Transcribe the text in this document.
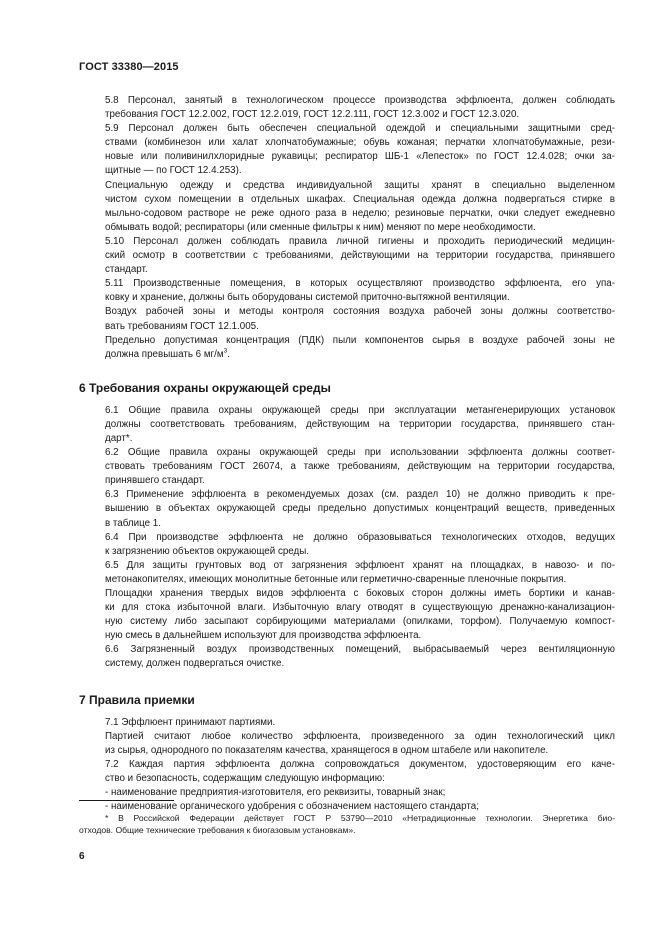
ГОСТ 33380—2015

5.8 Персонал, занятый в технологическом процессе производства эффлюента, должен соблюдать
требования ГОСТ 12.2.002, ГОСТ 12.2.019, ГОСТ 12.2.111, ГОСТ 12.3.002 и ГОСТ 12.3.020.

5.9 Персонал должен быть обеспечен специальной одеждой и специальными защитными сред-
ствами (комбинезон или халат хлопчатобумажные; обувь кожаная; перчатки хлопчатобумажные, рези-
новые или поливинилхлоридные рукавицы; респиратор ШБ-1 «Лепесток» по ГОСТ 12.4.028; очки за-
щитные — по ГОСТ 12.4.253).

Специальную одежду и средства индивидуальной защиты хранят в специально выделенном
чистом сухом помещении в отдельных шкафах. Специальная одежда должна подвергаться стирке в
мыльно-содовом растворе не реже одного раза в неделю; резиновые перчатки, очки следует ежедневно
обмывать водой; респираторы (или сменные фильтры к ним) меняют по мере необходимости.

5.10 Персонал должен соблюдать правила личной гигиены и проходить периодический медицин-
ский осмотр в соответствии с требованиями, действующими на территории государства, принявшего
стандарт.

5.11 Производственные помещения, в которых осуществляют производство эффлюента, его упа-
ковку и хранение, должны быть оборудованы системой приточно-вытяжной вентиляции.

Воздух рабочей зоны и методы контроля состояния воздуха рабочей зоны должны соответство-
вать требованиям ГОСТ 12.1.005.

Предельно допустимая концентрация (ПДК) пыли компонентов сырья в воздухе рабочей зоны не
должна превышать 6 $мг/м^3$.

6 Требования охраны окружающей среды

6.1 Общие правила охраны окружающей среды при эксплуатации метангенерирующих установок
должны соответствовать требованиям, действующим на территории государства, принявшего стан-
дарт*.

6.2 Общие правила охраны окружающей среды при использовании эффлюента должны соответ-
ствовать требованиям ГОСТ 26074, а также требованиям, действующим на территории государства,
принявшего стандарт.

6.3 Применение эффлюента в рекомендуемых дозах (см. раздел 10) не должно приводить к пре-
вышению в объектах окружающей среды предельно допустимых концентраций веществ, приведенных
в таблице 1.

6.4 При производстве эффлюента не должно образовываться технологических отходов, ведущих
к загрязнению объектов окружающей среды.

6.5 Для защиты грунтовых вод от загрязнения эффлюент хранят на площадках, в навозо- и по-
метонакопителях, имеющих монолитные бетонные или герметично-сваренные пленочные покрытия.

Площадки хранения твердых видов эффлюента с боковых сторон должны иметь бортики и канав-
ки для стока избыточной влаги. Избыточную влагу отводят в существующую дренажно-канализацион-
ную систему либо засыпают сорбирующими материалами (опилками, торфом). Получаемую компост-
ную смесь в дальнейшем используют для производства эффлюента.

6.6 Загрязненный воздух производственных помещений, выбрасываемый через вентиляционную
систему, должен подвергаться очистке.

7 Правила приемки

7.1 Эффлюент принимают партиями.

Партией считают любое количество эффлюента, произведенного за один технологический цикл
из сырья, однородного по показателям качества, хранящегося в одном штабеле или накопителе.

7.2 Каждая партия эффлюента должна сопровождаться документом, удостоверяющим его каче-
ство и безопасность, содержащим следующую информацию:

- наименование предприятия-изготовителя, его реквизиты, товарный знак;

- наименование органического удобрения с обозначением настоящего стандарта;

* В Российской Федерации действует ГОСТ Р 53790—2010 «Нетрадиционные технологии. Энергетика био-
отходов. Общие технические требования к биогазовым установкам».
6
